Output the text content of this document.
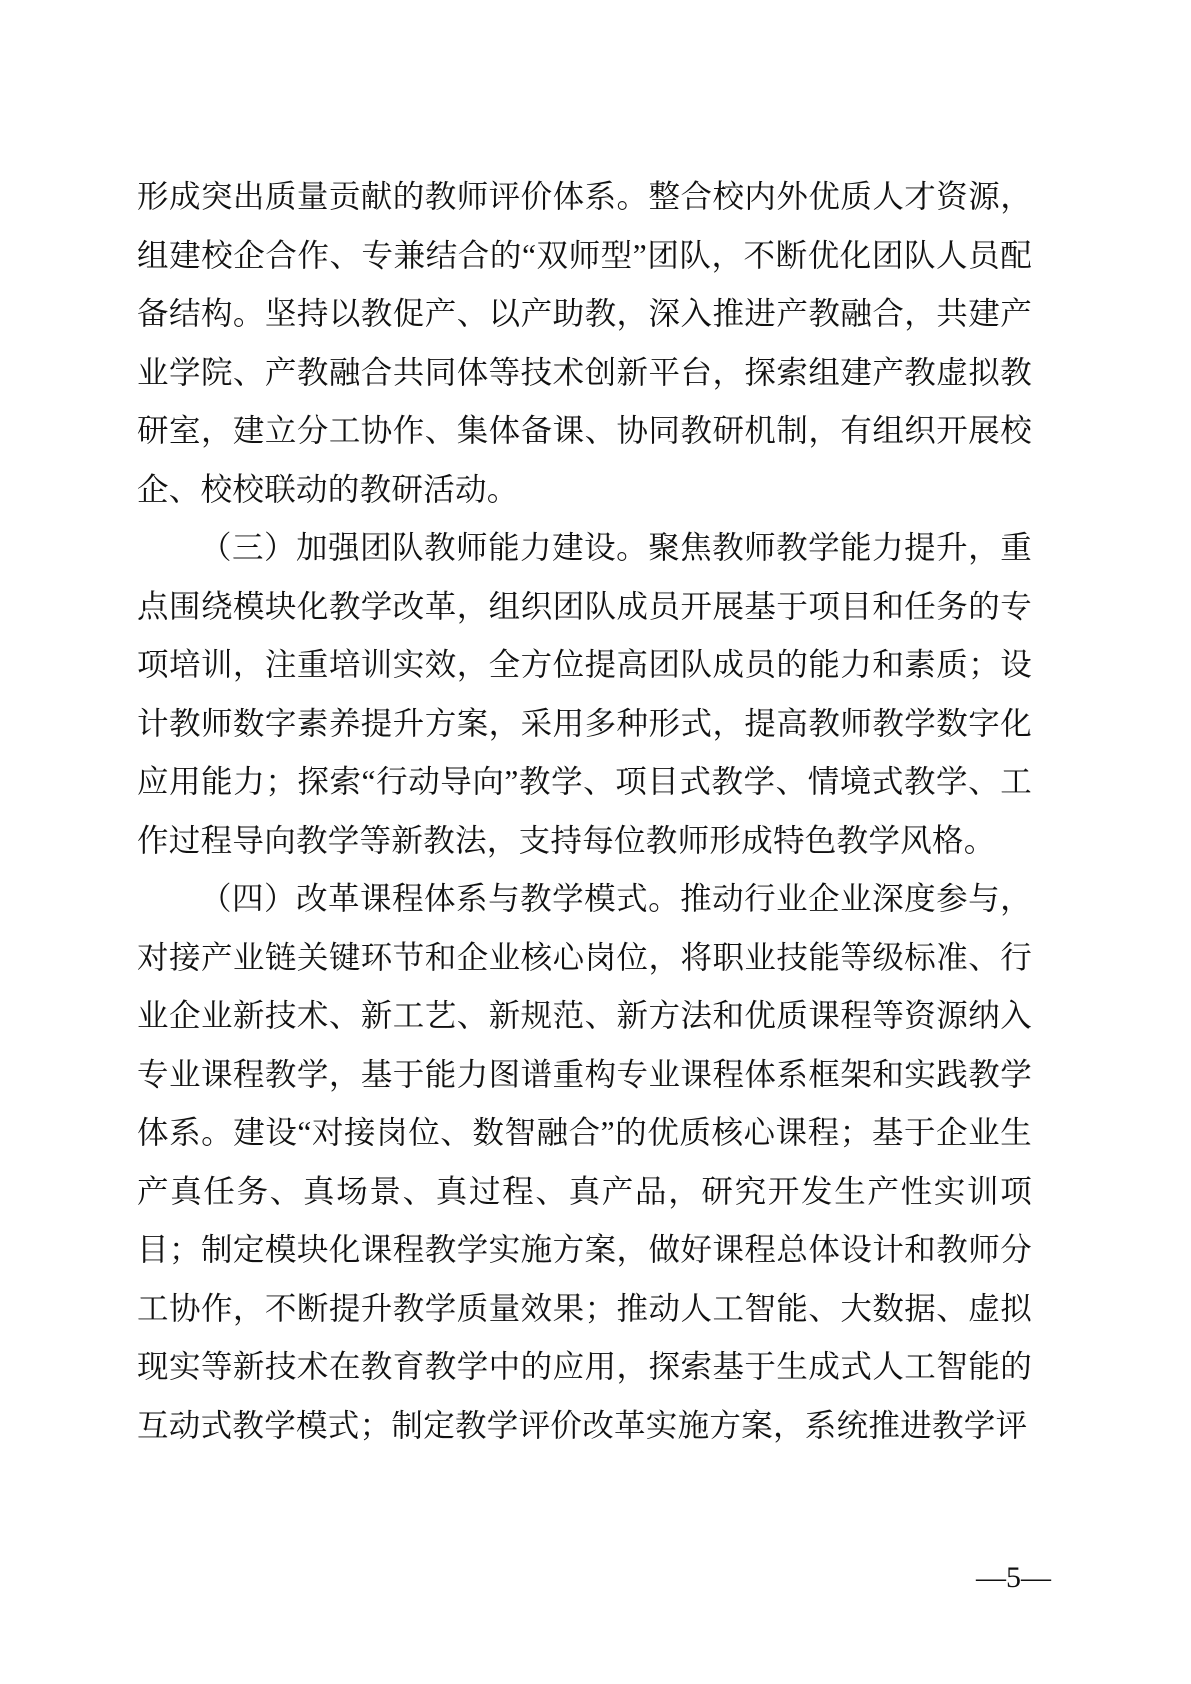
形成突出质量贡献的教师评价体系。整合校内外优质人才资源，组建校企合作、专兼结合的“双师型”团队，不断优化团队人员配备结构。坚持以教促产、以产助教，深入推进产教融合，共建产业学院、产教融合共同体等技术创新平台，探索组建产教虚拟教研室，建立分工协作、集体备课、协同教研机制，有组织开展校企、校校联动的教研活动。

（三）加强团队教师能力建设。聚焦教师教学能力提升，重点围绕模块化教学改革，组织团队成员开展基于项目和任务的专项培训，注重培训实效，全方位提高团队成员的能力和素质；设计教师数字素养提升方案，采用多种形式，提高教师教学数字化应用能力；探索“行动导向”教学、项目式教学、情境式教学、工作过程导向教学等新教法，支持每位教师形成特色教学风格。

（四）改革课程体系与教学模式。推动行业企业深度参与，对接产业链关键环节和企业核心岗位，将职业技能等级标准、行业企业新技术、新工艺、新规范、新方法和优质课程等资源纳入专业课程教学，基于能力图谱重构专业课程体系框架和实践教学体系。建设“对接岗位、数智融合”的优质核心课程；基于企业生产真任务、真场景、真过程、真产品，研究开发生产性实训项目；制定模块化课程教学实施方案，做好课程总体设计和教师分工协作，不断提升教学质量效果；推动人工智能、大数据、虚拟现实等新技术在教育教学中的应用，探索基于生成式人工智能的互动式教学模式；制定教学评价改革实施方案，系统推进教学评

—5—
